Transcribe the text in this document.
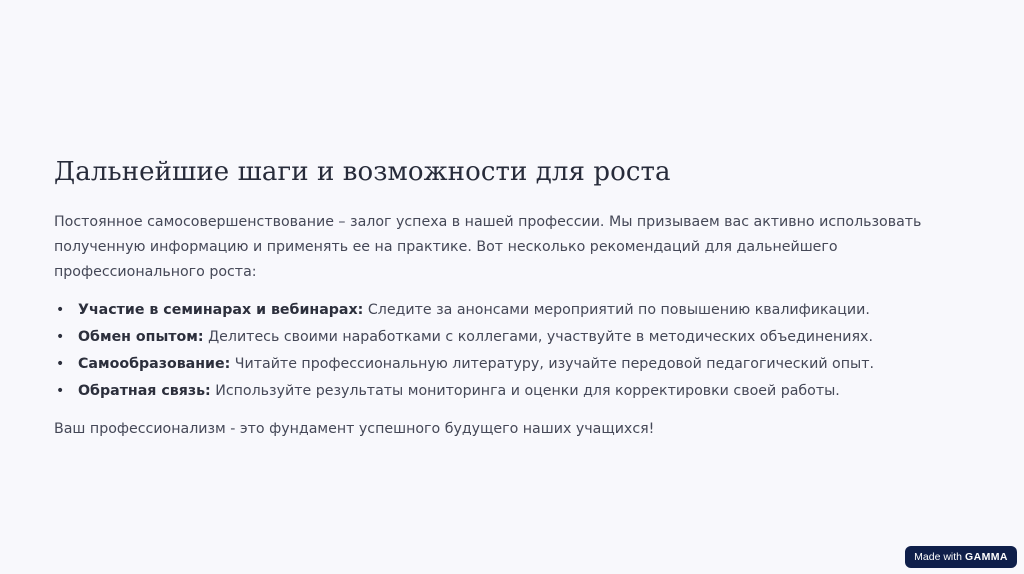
Дальнейшие шаги и возможности для роста

Постоянное самосовершенствование – залог успеха в нашей профессии. Мы призываем вас активно использовать полученную информацию и применять ее на практике. Вот несколько рекомендаций для дальнейшего профессионального роста:

• Участие в семинарах и вебинарах: Следите за анонсами мероприятий по повышению квалификации.
• Обмен опытом: Делитесь своими наработками с коллегами, участвуйте в методических объединениях.
• Самообразование: Читайте профессиональную литературу, изучайте передовой педагогический опыт.
• Обратная связь: Используйте результаты мониторинга и оценки для корректировки своей работы.

Ваш профессионализм - это фундамент успешного будущего наших учащихся!

Made with GAMMA
